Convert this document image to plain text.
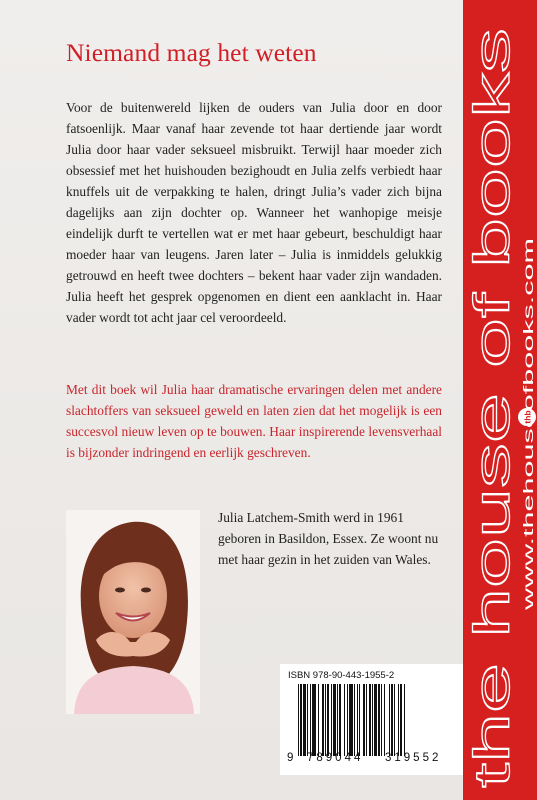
Niemand mag het weten

Voor de buitenwereld lijken de ouders van Julia door en door fatsoenlijk. Maar vanaf haar zevende tot haar dertiende jaar wordt Julia door haar vader seksueel misbruikt. Terwijl haar moeder zich obsessief met het huishouden bezighoudt en Julia zelfs verbiedt haar knuffels uit de verpakking te halen, dringt Julia’s vader zich bijna dagelijks aan zijn dochter op. Wanneer het wanhopige meisje eindelijk durft te vertellen wat er met haar gebeurt, beschuldigt haar moeder haar van leugens. Jaren later – Julia is inmiddels gelukkig getrouwd en heeft twee dochters – bekent haar vader zijn wandaden. Julia heeft het gesprek opgenomen en dient een aanklacht in. Haar vader wordt tot acht jaar cel veroordeeld.

Met dit boek wil Julia haar dramatische ervaringen delen met andere slachtoffers van seksueel geweld en laten zien dat het mogelijk is een succesvol nieuw leven op te bouwen. Haar inspirerende levensverhaal is bijzonder indringend en eerlijk geschreven.

Julia Latchem-Smith werd in 1961 geboren in Basildon, Essex. Ze woont nu met haar gezin in het zuiden van Wales.

ISBN 978-90-443-1955-2
9 789044 319552 the house of books www.thehouseofbooks.com
thb
